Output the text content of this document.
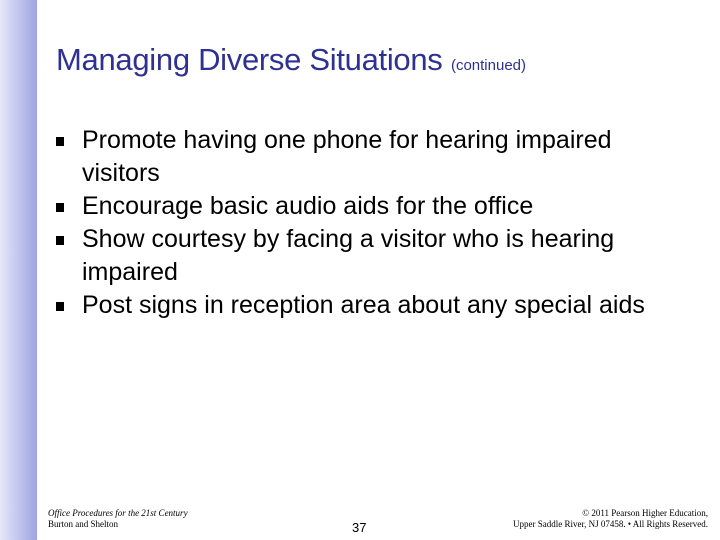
Managing Diverse Situations (continued)
Promote having one phone for hearing impaired visitors
Encourage basic audio aids for the office
Show courtesy by facing a visitor who is hearing impaired
Post signs in reception area about any special aids
Office Procedures for the 21st Century
Burton and Shelton	37
© 2011 Pearson Higher Education,
Upper Saddle River, NJ 07458. • All Rights Reserved.
